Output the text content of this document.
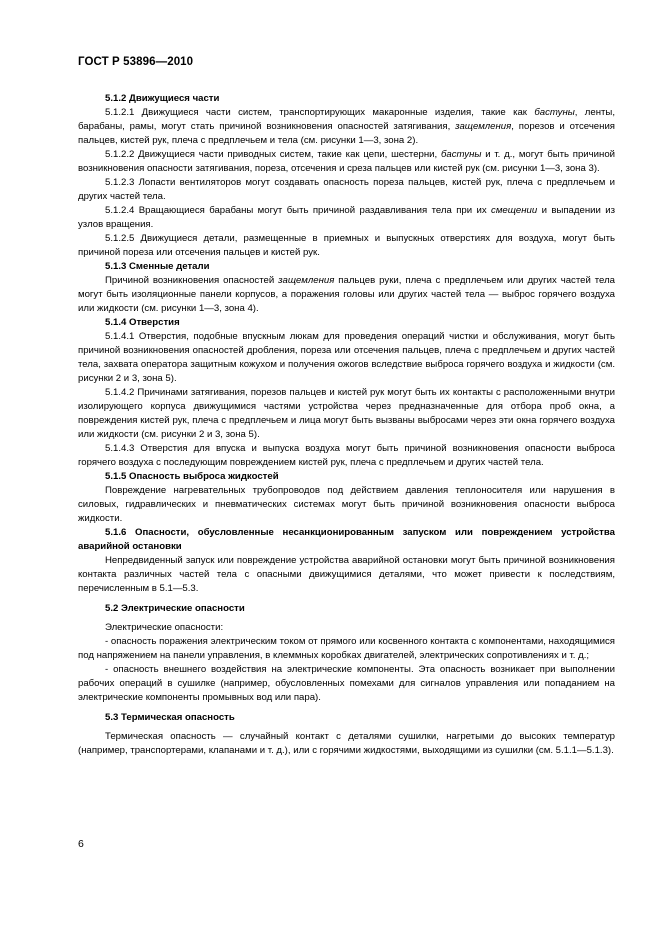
ГОСТ Р 53896—2010

5.1.2 Движущиеся части

5.1.2.1 Движущиеся части систем, транспортирующих макаронные изделия, такие как бастуны, ленты, барабаны, рамы, могут стать причиной возникновения опасностей затягивания, защемления, порезов и отсечения пальцев, кистей рук, плеча с предплечьем и тела (см. рисунки 1—3, зона 2).

5.1.2.2 Движущиеся части приводных систем, такие как цепи, шестерни, бастуны и т. д., могут быть причиной возникновения опасности затягивания, пореза, отсечения и среза пальцев или кистей рук (см. рисунки 1—3, зона 3).

5.1.2.3 Лопасти вентиляторов могут создавать опасность пореза пальцев, кистей рук, плеча с предплечьем и других частей тела.

5.1.2.4 Вращающиеся барабаны могут быть причиной раздавливания тела при их смещении и выпадении из узлов вращения.

5.1.2.5 Движущиеся детали, размещенные в приемных и выпускных отверстиях для воздуха, могут быть причиной пореза или отсечения пальцев и кистей рук.

5.1.3 Сменные детали

Причиной возникновения опасностей защемления пальцев руки, плеча с предплечьем или других частей тела могут быть изоляционные панели корпусов, а поражения головы или других частей тела — выброс горячего воздуха или жидкости (см. рисунки 1—3, зона 4).

5.1.4 Отверстия

5.1.4.1 Отверстия, подобные впускным люкам для проведения операций чистки и обслуживания, могут быть причиной возникновения опасностей дробления, пореза или отсечения пальцев, плеча с предплечьем и других частей тела, захвата оператора защитным кожухом и получения ожогов вследствие выброса горячего воздуха и жидкости (см. рисунки 2 и 3, зона 5).

5.1.4.2 Причинами затягивания, порезов пальцев и кистей рук могут быть их контакты с расположенными внутри изолирующего корпуса движущимися частями устройства через предназначенные для отбора проб окна, а повреждения кистей рук, плеча с предплечьем и лица могут быть вызваны выбросами через эти окна горячего воздуха или жидкости (см. рисунки 2 и 3, зона 5).

5.1.4.3 Отверстия для впуска и выпуска воздуха могут быть причиной возникновения опасности выброса горячего воздуха с последующим повреждением кистей рук, плеча с предплечьем и других частей тела.

5.1.5 Опасность выброса жидкостей

Повреждение нагревательных трубопроводов под действием давления теплоносителя или нарушения в силовых, гидравлических и пневматических системах могут быть причиной возникновения опасности выброса жидкости.

5.1.6 Опасности, обусловленные несанкционированным запуском или повреждением устройства аварийной остановки

Непредвиденный запуск или повреждение устройства аварийной остановки могут быть причиной возникновения контакта различных частей тела с опасными движущимися деталями, что может привести к последствиям, перечисленным в 5.1—5.3.

5.2 Электрические опасности

Электрические опасности:

- опасность поражения электрическим током от прямого или косвенного контакта с компонентами, находящимися под напряжением на панели управления, в клеммных коробках двигателей, электрических сопротивлениях и т. д.;

- опасность внешнего воздействия на электрические компоненты. Эта опасность возникает при выполнении рабочих операций в сушилке (например, обусловленных помехами для сигналов управления или попаданием на электрические компоненты промывных вод или пара).

5.3 Термическая опасность

Термическая опасность — случайный контакт с деталями сушилки, нагретыми до высоких температур (например, транспортерами, клапанами и т. д.), или с горячими жидкостями, выходящими из сушилки (см. 5.1.1—5.1.3).

6
